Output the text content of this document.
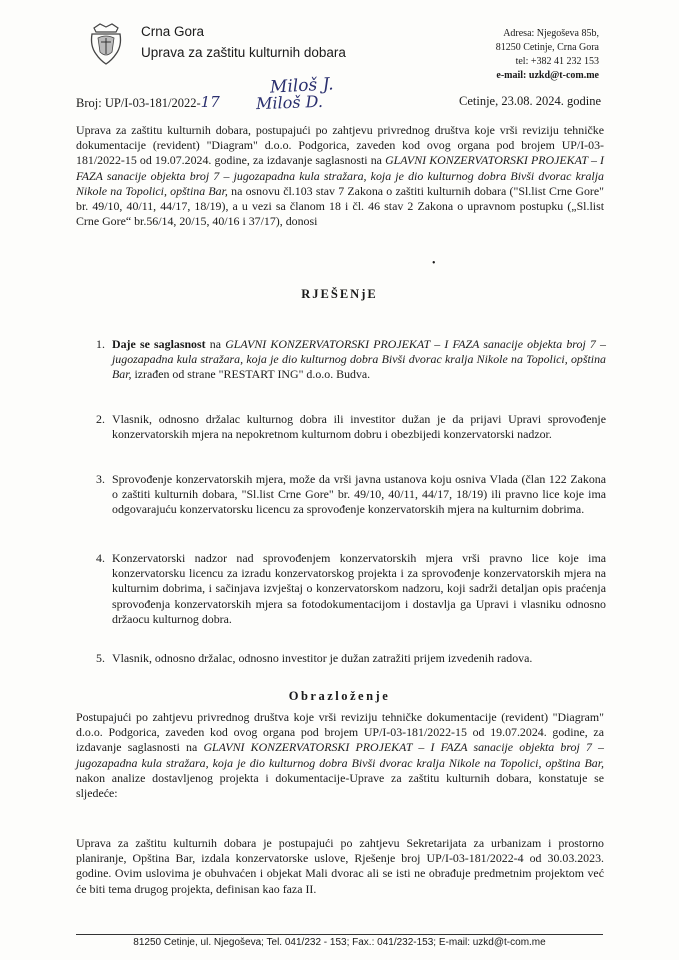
Crna Gora
Uprava za zaštitu kulturnih dobara
Adresa: Njegoševa 85b,
81250 Cetinje, Crna Gora
tel: +382 41 232 153
e-mail: uzkd@t-com.me
Broj: UP/I-03-181/2022-17
Miloš J.
Miloš D.	Cetinje, 23.08. 2024. godine
Uprava za zaštitu kulturnih dobara, postupajući po zahtjevu privrednog društva koje vrši reviziju tehničke dokumentacije (revident) "Diagram" d.o.o. Podgorica, zaveden kod ovog organa pod brojem UP/I-03-181/2022-15 od 19.07.2024. godine, za izdavanje saglasnosti na GLAVNI KONZERVATORSKI PROJEKAT – I FAZA sanacije objekta broj 7 – jugozapadna kula stražara, koja je dio kulturnog dobra Bivši dvorac kralja Nikole na Topolici, opština Bar, na osnovu čl.103 stav 7 Zakona o zaštiti kulturnih dobara ("Sl.list Crne Gore" br. 49/10, 40/11, 44/17, 18/19), a u vezi sa članom 18 i čl. 46 stav 2 Zakona o upravnom postupku („Sl.list Crne Gore“ br.56/14, 20/15, 40/16 i 37/17), donosi
•
RJEŠENjE
1. Daje se saglasnost na GLAVNI KONZERVATORSKI PROJEKAT – I FAZA sanacije objekta broj 7 – jugozapadna kula stražara, koja je dio kulturnog dobra Bivši dvorac kralja Nikole na Topolici, opština Bar, izrađen od strane "RESTART ING" d.o.o. Budva.
2. Vlasnik, odnosno držalac kulturnog dobra ili investitor dužan je da prijavi Upravi sprovođenje konzervatorskih mjera na nepokretnom kulturnom dobru i obezbijedi konzervatorski nadzor.
3. Sprovođenje konzervatorskih mjera, može da vrši javna ustanova koju osniva Vlada (član 122 Zakona o zaštiti kulturnih dobara, "Sl.list Crne Gore" br. 49/10, 40/11, 44/17, 18/19) ili pravno lice koje ima odgovarajuću konzervatorsku licencu za sprovođenje konzervatorskih mjera na kulturnim dobrima.
4. Konzervatorski nadzor nad sprovođenjem konzervatorskih mjera vrši pravno lice koje ima konzervatorsku licencu za izradu konzervatorskog projekta i za sprovođenje konzervatorskih mjera na kulturnim dobrima, i sačinjava izvještaj o konzervatorskom nadzoru, koji sadrži detaljan opis praćenja sprovođenja konzervatorskih mjera sa fotodokumentacijom i dostavlja ga Upravi i vlasniku odnosno držaocu kulturnog dobra.
5. Vlasnik, odnosno držalac, odnosno investitor je dužan zatražiti prijem izvedenih radova.
Obrazloženje
Postupajući po zahtjevu privrednog društva koje vrši reviziju tehničke dokumentacije (revident) "Diagram" d.o.o. Podgorica, zaveden kod ovog organa pod brojem UP/I-03-181/2022-15 od 19.07.2024. godine, za izdavanje saglasnosti na GLAVNI KONZERVATORSKI PROJEKAT – I FAZA sanacije objekta broj 7 – jugozapadna kula stražara, koja je dio kulturnog dobra Bivši dvorac kralja Nikole na Topolici, opština Bar, nakon analize dostavljenog projekta i dokumentacije-Uprave za zaštitu kulturnih dobara, konstatuje se sljedeće:
Uprava za zaštitu kulturnih dobara je postupajući po zahtjevu Sekretarijata za urbanizam i prostorno planiranje, Opština Bar, izdala konzervatorske uslove, Rješenje broj UP/I-03-181/2022-4 od 30.03.2023. godine. Ovim uslovima je obuhvaćen i objekat Mali dvorac ali se isti ne obrađuje predmetnim projektom već će biti tema drugog projekta, definisan kao faza II.
81250 Cetinje, ul. Njegoševa; Tel. 041/232 - 153; Fax.: 041/232-153; E-mail: uzkd@t-com.me
